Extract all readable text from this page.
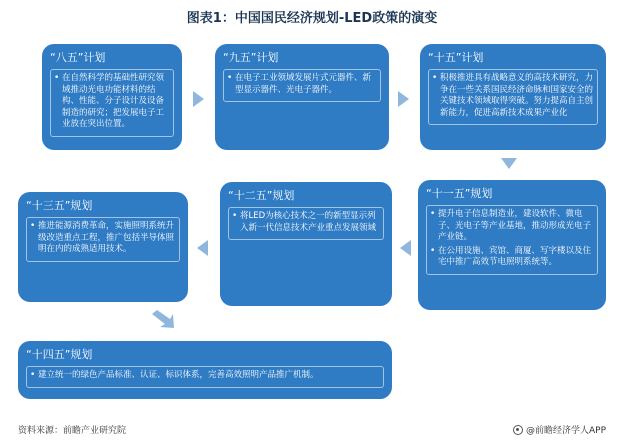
图表1：中国国民经济规划-LED政策的演变
“八五”计划
• 在自然科学的基础性研究领域推动光电功能材料的结构、性能、分子设计及设备制造的研究；把发展电子工业放在突出位置。
“九五”计划
• 在电子工业领域发展片式元器件、新型显示器件、光电子器件。
“十五”计划
• 积极推进具有战略意义的高技术研究，力争在一些关系国民经济命脉和国家安全的关键技术领域取得突破。努力提高自主创新能力，促进高新技术成果产业化
“十三五”规划
• 推进能源消费革命，实施照明系统升级改造重点工程，推广包括半导体照明在内的成熟适用技术。
“十二五”规划
• 将LED为核心技术之一的新型显示列入新一代信息技术产业重点发展领域
“十一五”规划
• 提升电子信息制造业，建设软件、微电子、光电子等产业基地，推动形成光电子产业链。
• 在公用设施、宾馆、商厦、写字楼以及住宅中推广高效节电照明系统等。
“十四五”规划
• 建立统一的绿色产品标准、认证、标识体系，完善高效照明产品推广机制。
资料来源：前瞻产业研究院	@前瞻经济学人APP
